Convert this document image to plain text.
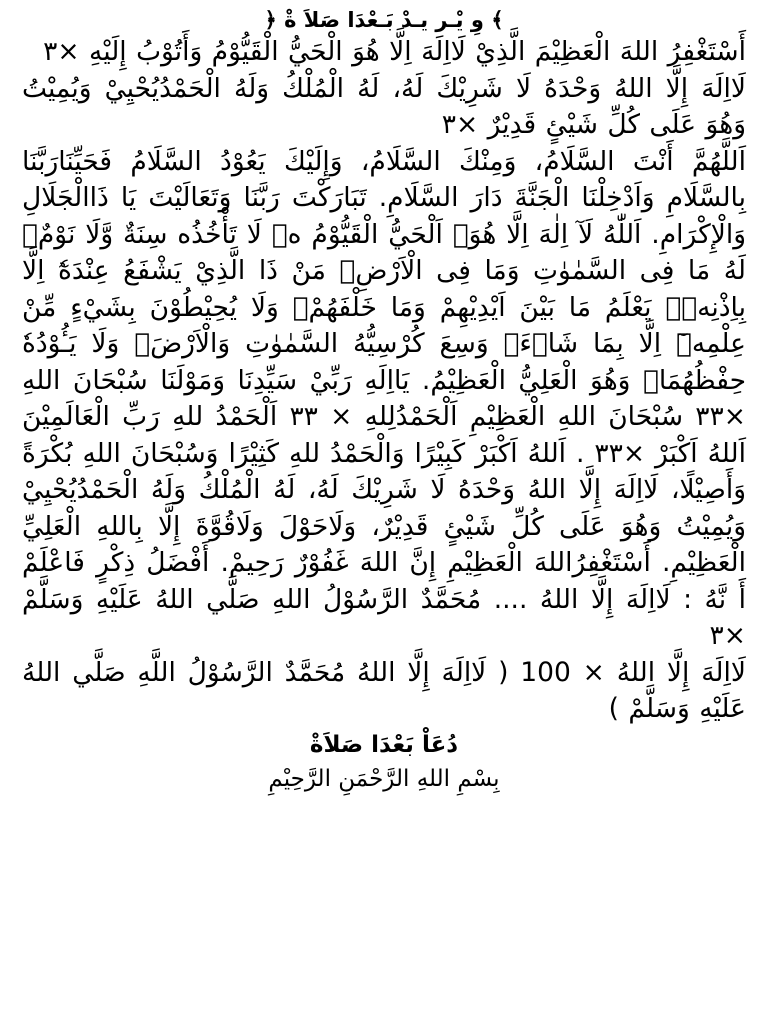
﴾ وِ يْـر يـدْ بَـعْدَا صَلاَ ةْ ﴿

أَسْتَغْفِرُ اللهَ الْعَظِيْمَ الَّذِيْ لَااِلَهَ اِلَّا هُوَ الْحَيُّ الْقَيُّوْمُ وَأَتُوْبُ إِلَيْهِ ×٣

لَااِلَهَ إِلَّا اللهُ وَحْدَهُ لَا شَرِيْكَ لَهُ، لَهُ الْمُلْكُ وَلَهُ الْحَمْدُيُحْيِيْ وَيُمِيْتُ وَهُوَ عَلَى كُلِّ شَيْئٍ قَدِيْرٌ ×٣

اَللَّهُمَّ أَنْتَ السَّلَامُ، وَمِنْكَ السَّلَامُ، وَإِلَيْكَ يَعُوْدُ السَّلَامُ فَحَيِّنَارَبَّنَا بِالسَّلَامِ وَاَدْخِلْنَا الْجَنَّةَ دَارَ السَّلَامِ. تَبَارَكْتَ رَبَّنَا وَتَعَالَيْتَ يَا ذَاالْجَلَالِ وَالْإِكْرَامِ. اَللّٰهُ لَآ اِلٰهَ اِلَّا هُوَۚ اَلْحَيُّ الْقَيُّوْمُ ەۚ لَا تَأْخُذُه سِنَةٌ وَّلَا نَوْمٌۗ لَهُ مَا فِى السَّمٰوٰتِ وَمَا فِى الْاَرْضِۗ مَنْ ذَا الَّذِيْ يَشْفَعُ عِنْدَهٗٓ اِلَّا بِاِذْنِهٖۗ يَعْلَمُ مَا بَيْنَ اَيْدِيْهِمْ وَمَا خَلْفَهُمْۚ وَلَا يُحِيْطُوْنَ بِشَيْءٍ مِّنْ عِلْمِهٖٓ اِلَّا بِمَا شَاۤءَۚ وَسِعَ كُرْسِيُّهُ السَّمٰوٰتِ وَالْاَرْضَۚ وَلَا يَـُٔوْدُهٗ حِفْظُهُمَاۚ وَهُوَ الْعَلِيُّ الْعَظِيْمُ. يَااِلَهِ رَبِّيْ سَيِّدِنَا وَمَوْلَنَا سُبْحَانَ اللهِ ×٣٣ سُبْحَانَ اللهِ الْعَظِيْمِ اَلْحَمْدُلِلهِ × ٣٣ اَلْحَمْدُ للهِ رَبِّ الْعَالَمِيْنَ اَللهُ اَكْبَرْ ×٣٣ . اَللهُ اَكْبَرْ كَبِيْرًا وَالْحَمْدُ للهِ كَثِيْرًا وَسُبْحَانَ اللهِ بُكْرَةً وَأَصِيْلًا، لَااِلَهَ إِلَّا اللهُ وَحْدَهُ لَا شَرِيْكَ لَهُ، لَهُ الْمُلْكُ وَلَهُ الْحَمْدُيُحْيِيْ وَيُمِيْتُ وَهُوَ عَلَى كُلِّ شَيْئٍ قَدِيْرٌ، وَلَاحَوْلَ وَلَاقُوَّةَ إِلَّا بِاللهِ الْعَلِيِّ الْعَظِيْمِ. أَسْتَغْفِرُاللهَ الْعَظِيْمِ إِنَّ اللهَ غَفُوْرٌ رَحِيمْ. أَفْضَلُ ذِكْرٍ فَاعْلَمْ أَ نَّهُ : لَااِلَهَ إِلَّا اللهُ .... مُحَمَّدٌ الرَّسُوْلُ اللهِ صَلَّي اللهُ عَلَيْهِ وَسَلَّمْ ×٣

لَااِلَهَ إِلَّا اللهُ × 100 ( لَااِلَهَ إِلَّا اللهُ مُحَمَّدٌ الرَّسُوْلُ اللَّهِ صَلَّي اللهُ عَلَيْهِ وَسَلَّمْ )

دُعَاْ بَعْدَا صَلاَةْ

بِسْمِ اللهِ الرَّحْمَنِ الرَّحِيْمِ
